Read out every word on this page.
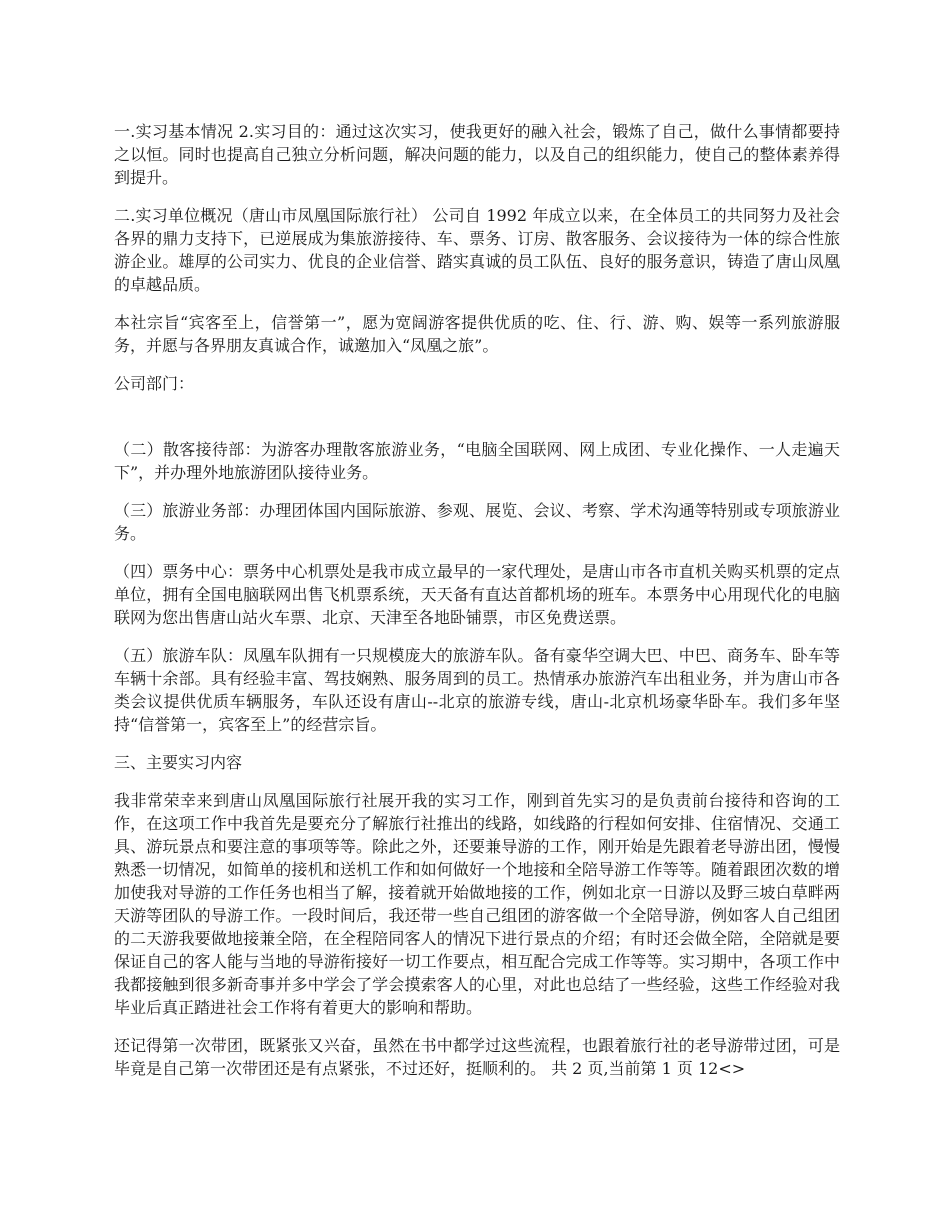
一.实习基本情况 2.实习目的：通过这次实习，使我更好的融入社会，锻炼了自己，做什么事情都要持之以恒。同时也提高自己独立分析问题，解决问题的能力，以及自己的组织能力，使自己的整体素养得到提升。

二.实习单位概况（唐山市凤凰国际旅行社） 公司自 1992 年成立以来，在全体员工的共同努力及社会各界的鼎力支持下，已逆展成为集旅游接待、车、票务、订房、散客服务、会议接待为一体的综合性旅游企业。雄厚的公司实力、优良的企业信誉、踏实真诚的员工队伍、良好的服务意识，铸造了唐山凤凰的卓越品质。

本社宗旨“宾客至上，信誉第一”，愿为宽阔游客提供优质的吃、住、行、游、购、娱等一系列旅游服务，并愿与各界朋友真诚合作，诚邀加入“凤凰之旅”。

公司部门：

（二）散客接待部：为游客办理散客旅游业务，“电脑全国联网、网上成团、专业化操作、一人走遍天下”，并办理外地旅游团队接待业务。

（三）旅游业务部：办理团体国内国际旅游、参观、展览、会议、考察、学术沟通等特别或专项旅游业务。

（四）票务中心：票务中心机票处是我市成立最早的一家代理处，是唐山市各市直机关购买机票的定点单位，拥有全国电脑联网出售飞机票系统，天天备有直达首都机场的班车。本票务中心用现代化的电脑联网为您出售唐山站火车票、北京、天津至各地卧铺票，市区免费送票。

（五）旅游车队：凤凰车队拥有一只规模庞大的旅游车队。备有豪华空调大巴、中巴、商务车、卧车等车辆十余部。具有经验丰富、驾技娴熟、服务周到的员工。热情承办旅游汽车出租业务，并为唐山市各类会议提供优质车辆服务，车队还设有唐山--北京的旅游专线，唐山-北京机场豪华卧车。我们多年坚持“信誉第一，宾客至上”的经营宗旨。

三、主要实习内容

我非常荣幸来到唐山凤凰国际旅行社展开我的实习工作，刚到首先实习的是负责前台接待和咨询的工作，在这项工作中我首先是要充分了解旅行社推出的线路，如线路的行程如何安排、住宿情况、交通工具、游玩景点和要注意的事项等等。除此之外，还要兼导游的工作，刚开始是先跟着老导游出团，慢慢熟悉一切情况，如简单的接机和送机工作和如何做好一个地接和全陪导游工作等等。随着跟团次数的增加使我对导游的工作任务也相当了解，接着就开始做地接的工作，例如北京一日游以及野三坡白草畔两天游等团队的导游工作。一段时间后，我还带一些自己组团的游客做一个全陪导游，例如客人自己组团的二天游我要做地接兼全陪，在全程陪同客人的情况下进行景点的介绍；有时还会做全陪，全陪就是要保证自己的客人能与当地的导游衔接好一切工作要点，相互配合完成工作等等。实习期中，各项工作中我都接触到很多新奇事并多中学会了学会摸索客人的心里，对此也总结了一些经验，这些工作经验对我毕业后真正踏进社会工作将有着更大的影响和帮助。

还记得第一次带团，既紧张又兴奋，虽然在书中都学过这些流程，也跟着旅行社的老导游带过团，可是毕竟是自己第一次带团还是有点紧张，不过还好，挺顺利的。 共 2 页,当前第 1 页 12<>
